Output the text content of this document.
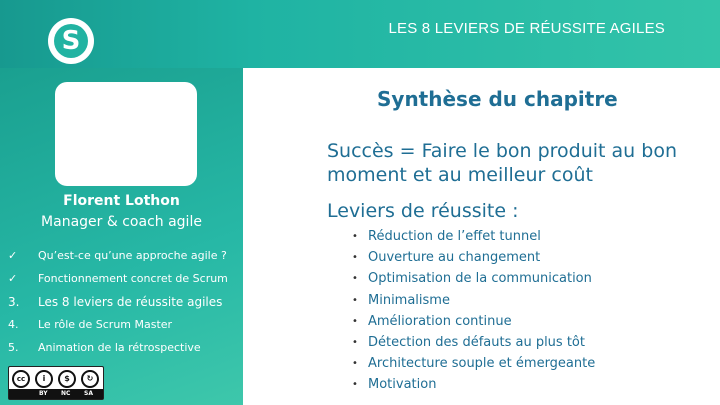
S	LES 8 LEVIERS DE RÉUSSITE AGILES
Florent Lothon
Manager & coach agile
✓	Qu’est-ce qu’une approche agile ?
✓	Fonctionnement concret de Scrum
3.	Les 8 leviers de réussite agiles
4.	Le rôle de Scrum Master
5.	Animation de la rétrospective
cc	i	$	↻
BY NC SA
Synthèse du chapitre
Succès = Faire le bon produit au bon moment et au meilleur coût
Leviers de réussite :
• Réduction de l’effet tunnel
• Ouverture au changement
• Optimisation de la communication
• Minimalisme
• Amélioration continue
• Détection des défauts au plus tôt
• Architecture souple et émergeante
• Motivation
